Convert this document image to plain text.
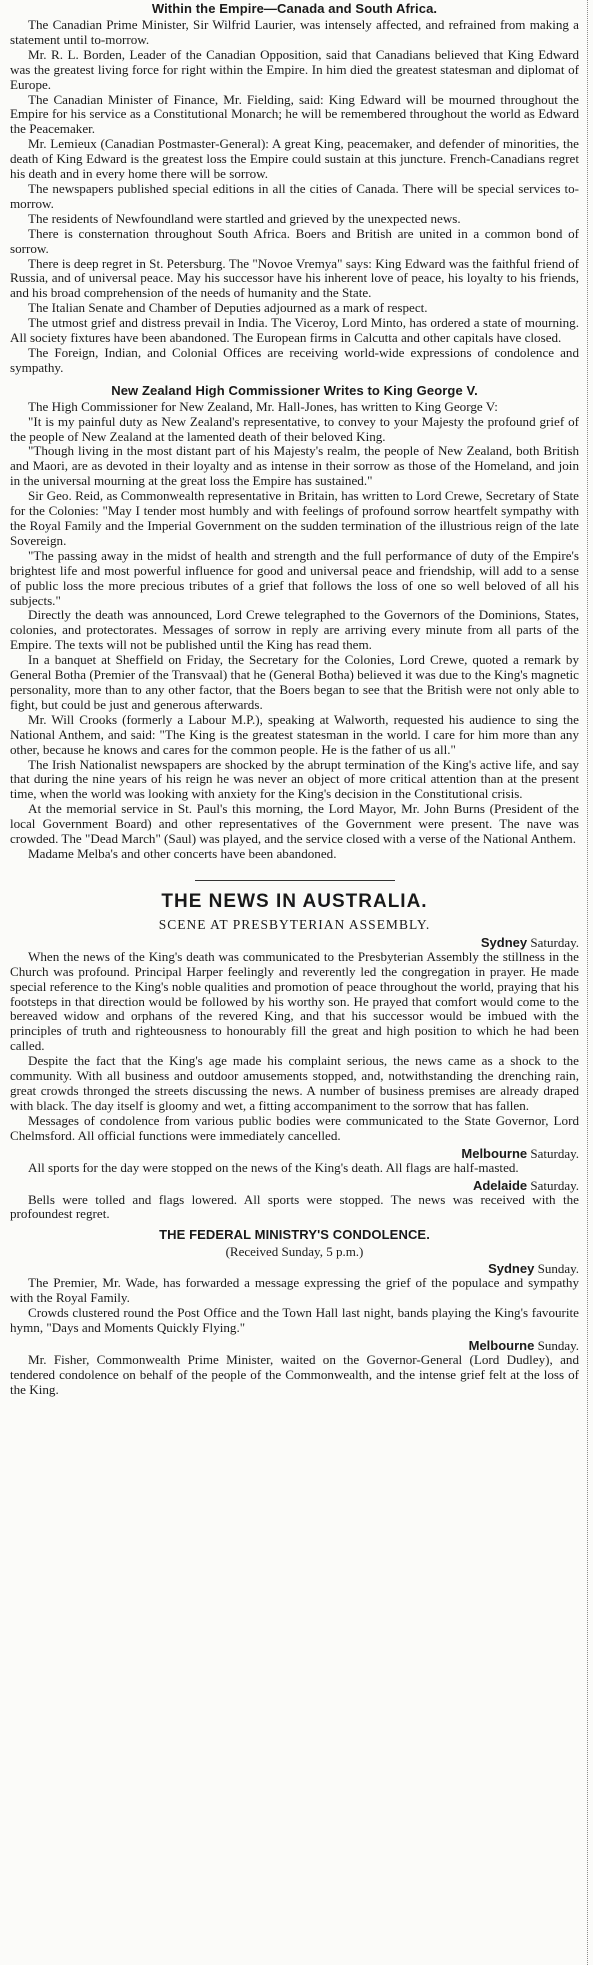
Within the Empire—Canada and South Africa.

The Canadian Prime Minister, Sir Wilfrid Laurier, was intensely affected, and refrained from making a statement until to-morrow.

Mr. R. L. Borden, Leader of the Canadian Opposition, said that Canadians believed that King Edward was the greatest living force for right within the Empire. In him died the greatest statesman and diplomat of Europe.

The Canadian Minister of Finance, Mr. Fielding, said: King Edward will be mourned throughout the Empire for his service as a Constitutional Monarch; he will be remembered throughout the world as Edward the Peacemaker.

Mr. Lemieux (Canadian Postmaster-General): A great King, peacemaker, and defender of minorities, the death of King Edward is the greatest loss the Empire could sustain at this juncture. French-Canadians regret his death and in every home there will be sorrow.

The newspapers published special editions in all the cities of Canada. There will be special services to-morrow.

The residents of Newfoundland were startled and grieved by the unexpected news.

There is consternation throughout South Africa. Boers and British are united in a common bond of sorrow.

There is deep regret in St. Petersburg. The "Novoe Vremya" says: King Edward was the faithful friend of Russia, and of universal peace. May his successor have his inherent love of peace, his loyalty to his friends, and his broad comprehension of the needs of humanity and the State.

The Italian Senate and Chamber of Deputies adjourned as a mark of respect.

The utmost grief and distress prevail in India. The Viceroy, Lord Minto, has ordered a state of mourning. All society fixtures have been abandoned. The European firms in Calcutta and other capitals have closed.

The Foreign, Indian, and Colonial Offices are receiving world-wide expressions of condolence and sympathy.

New Zealand High Commissioner Writes to King George V.

The High Commissioner for New Zealand, Mr. Hall-Jones, has written to King George V:

"It is my painful duty as New Zealand's representative, to convey to your Majesty the profound grief of the people of New Zealand at the lamented death of their beloved King.

"Though living in the most distant part of his Majesty's realm, the people of New Zealand, both British and Maori, are as devoted in their loyalty and as intense in their sorrow as those of the Homeland, and join in the universal mourning at the great loss the Empire has sustained."

Sir Geo. Reid, as Commonwealth representative in Britain, has written to Lord Crewe, Secretary of State for the Colonies: "May I tender most humbly and with feelings of profound sorrow heartfelt sympathy with the Royal Family and the Imperial Government on the sudden termination of the illustrious reign of the late Sovereign.

"The passing away in the midst of health and strength and the full performance of duty of the Empire's brightest life and most powerful influence for good and universal peace and friendship, will add to a sense of public loss the more precious tributes of a grief that follows the loss of one so well beloved of all his subjects."

Directly the death was announced, Lord Crewe telegraphed to the Governors of the Dominions, States, colonies, and protectorates. Messages of sorrow in reply are arriving every minute from all parts of the Empire. The texts will not be published until the King has read them.

In a banquet at Sheffield on Friday, the Secretary for the Colonies, Lord Crewe, quoted a remark by General Botha (Premier of the Transvaal) that he (General Botha) believed it was due to the King's magnetic personality, more than to any other factor, that the Boers began to see that the British were not only able to fight, but could be just and generous afterwards.

Mr. Will Crooks (formerly a Labour M.P.), speaking at Walworth, requested his audience to sing the National Anthem, and said: "The King is the greatest statesman in the world. I care for him more than any other, because he knows and cares for the common people. He is the father of us all."

The Irish Nationalist newspapers are shocked by the abrupt termination of the King's active life, and say that during the nine years of his reign he was never an object of more critical attention than at the present time, when the world was looking with anxiety for the King's decision in the Constitutional crisis.

At the memorial service in St. Paul's this morning, the Lord Mayor, Mr. John Burns (President of the local Government Board) and other representatives of the Government were present. The nave was crowded. The "Dead March" (Saul) was played, and the service closed with a verse of the National Anthem.

Madame Melba's and other concerts have been abandoned.

THE NEWS IN AUSTRALIA.
SCENE AT PRESBYTERIAN ASSEMBLY.
Sydney Saturday.

When the news of the King's death was communicated to the Presbyterian Assembly the stillness in the Church was profound. Principal Harper feelingly and reverently led the congregation in prayer. He made special reference to the King's noble qualities and promotion of peace throughout the world, praying that his footsteps in that direction would be followed by his worthy son. He prayed that comfort would come to the bereaved widow and orphans of the revered King, and that his successor would be imbued with the principles of truth and righteousness to honourably fill the great and high position to which he had been called.

Despite the fact that the King's age made his complaint serious, the news came as a shock to the community. With all business and outdoor amusements stopped, and, notwithstanding the drenching rain, great crowds thronged the streets discussing the news. A number of business premises are already draped with black. The day itself is gloomy and wet, a fitting accompaniment to the sorrow that has fallen.

Messages of condolence from various public bodies were communicated to the State Governor, Lord Chelmsford. All official functions were immediately cancelled.

Melbourne Saturday.

All sports for the day were stopped on the news of the King's death. All flags are half-masted.

Adelaide Saturday.

Bells were tolled and flags lowered. All sports were stopped. The news was received with the profoundest regret.

THE FEDERAL MINISTRY'S CONDOLENCE.
(Received Sunday, 5 p.m.)
Sydney Sunday.

The Premier, Mr. Wade, has forwarded a message expressing the grief of the populace and sympathy with the Royal Family.

Crowds clustered round the Post Office and the Town Hall last night, bands playing the King's favourite hymn, "Days and Moments Quickly Flying."

Melbourne Sunday.

Mr. Fisher, Commonwealth Prime Minister, waited on the Governor-General (Lord Dudley), and tendered condolence on behalf of the people of the Commonwealth, and the intense grief felt at the loss of the King.
